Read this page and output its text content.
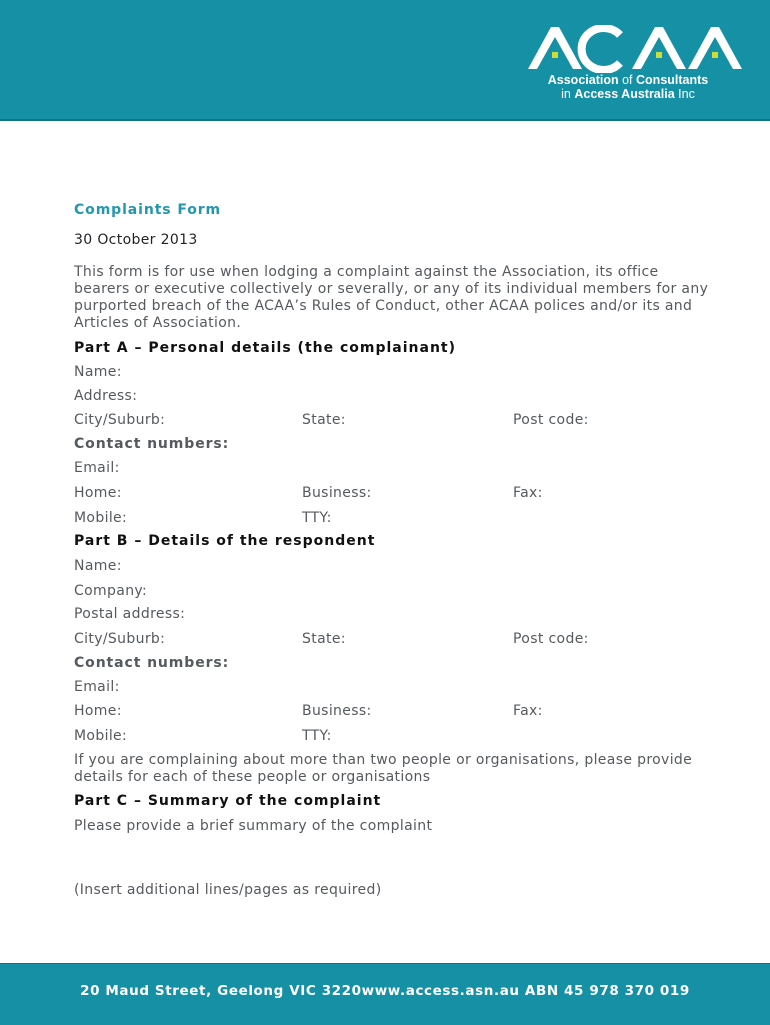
Association of Consultants
in Access Australia Inc
Complaints Form
30 October 2013
This form is for use when lodging a complaint against the Association, its office bearers or executive collectively or severally, or any of its individual members for any purported breach of the ACAA’s Rules of Conduct, other ACAA polices and/or its and Articles of Association.
Part A – Personal details (the complainant)
Name:
Address:
City/Suburb:	State:	Post code:
Contact numbers:
Email:
Home:	Business:	Fax:
Mobile:	TTY:
Part B – Details of the respondent
Name:
Company:
Postal address:
City/Suburb:	State:	Post code:
Contact numbers:
Email:
Home:	Business:	Fax:
Mobile:	TTY:
If you are complaining about more than two people or organisations, please provide details for each of these people or organisations
Part C – Summary of the complaint
Please provide a brief summary of the complaint
(Insert additional lines/pages as required)
20 Maud Street, Geelong VIC 3220www.access.asn.au ABN 45 978 370 019
